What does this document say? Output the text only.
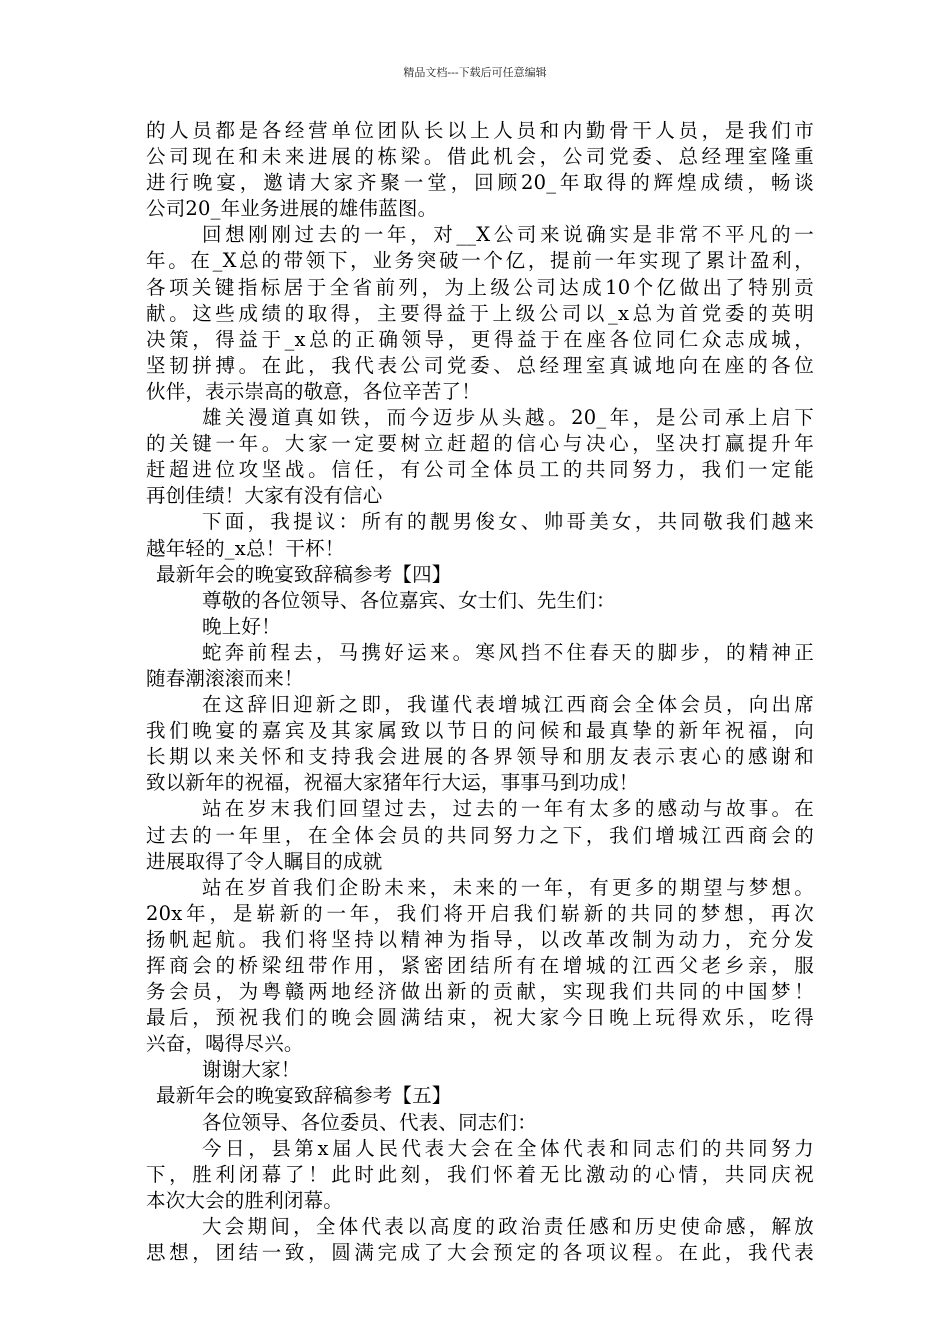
精品文档---下载后可任意编辑
的人员都是各经营单位团队长以上人员和内勤骨干人员，是我们市
公司现在和未来进展的栋梁。借此机会，公司党委、总经理室隆重
进行晚宴，邀请大家齐聚一堂，回顾20_年取得的辉煌成绩，畅谈
公司20_年业务进展的雄伟蓝图。
回想刚刚过去的一年，对__X公司来说确实是非常不平凡的一
年。在_X总的带领下，业务突破一个亿，提前一年实现了累计盈利，
各项关键指标居于全省前列，为上级公司达成10个亿做出了特别贡
献。这些成绩的取得，主要得益于上级公司以_x总为首党委的英明
决策，得益于_x总的正确领导，更得益于在座各位同仁众志成城，
坚韧拼搏。在此，我代表公司党委、总经理室真诚地向在座的各位
伙伴，表示崇高的敬意，各位辛苦了！
雄关漫道真如铁，而今迈步从头越。20_年，是公司承上启下
的关键一年。大家一定要树立赶超的信心与决心，坚决打赢提升年
赶超进位攻坚战。信任，有公司全体员工的共同努力，我们一定能
再创佳绩！大家有没有信心
下面，我提议：所有的靓男俊女、帅哥美女，共同敬我们越来
越年轻的_x总！干杯！
最新年会的晚宴致辞稿参考【四】
尊敬的各位领导、各位嘉宾、女士们、先生们：
晚上好！
蛇奔前程去，马携好运来。寒风挡不住春天的脚步，的精神正
随春潮滚滚而来！
在这辞旧迎新之即，我谨代表增城江西商会全体会员，向出席
我们晚宴的嘉宾及其家属致以节日的问候和最真挚的新年祝福，向
长期以来关怀和支持我会进展的各界领导和朋友表示衷心的感谢和
致以新年的祝福，祝福大家猪年行大运，事事马到功成！
站在岁末我们回望过去，过去的一年有太多的感动与故事。在
过去的一年里，在全体会员的共同努力之下，我们增城江西商会的
进展取得了令人瞩目的成就
站在岁首我们企盼未来，未来的一年，有更多的期望与梦想。
20x年，是崭新的一年，我们将开启我们崭新的共同的梦想，再次
扬帆起航。我们将坚持以精神为指导，以改革改制为动力，充分发
挥商会的桥梁纽带作用，紧密团结所有在增城的江西父老乡亲，服
务会员，为粤赣两地经济做出新的贡献，实现我们共同的中国梦！
最后，预祝我们的晚会圆满结束，祝大家今日晚上玩得欢乐，吃得
兴奋，喝得尽兴。
谢谢大家！
最新年会的晚宴致辞稿参考【五】
各位领导、各位委员、代表、同志们：
今日，县第x届人民代表大会在全体代表和同志们的共同努力
下，胜利闭幕了！此时此刻，我们怀着无比激动的心情，共同庆祝
本次大会的胜利闭幕。
大会期间，全体代表以高度的政治责任感和历史使命感，解放
思想，团结一致，圆满完成了大会预定的各项议程。在此，我代表
